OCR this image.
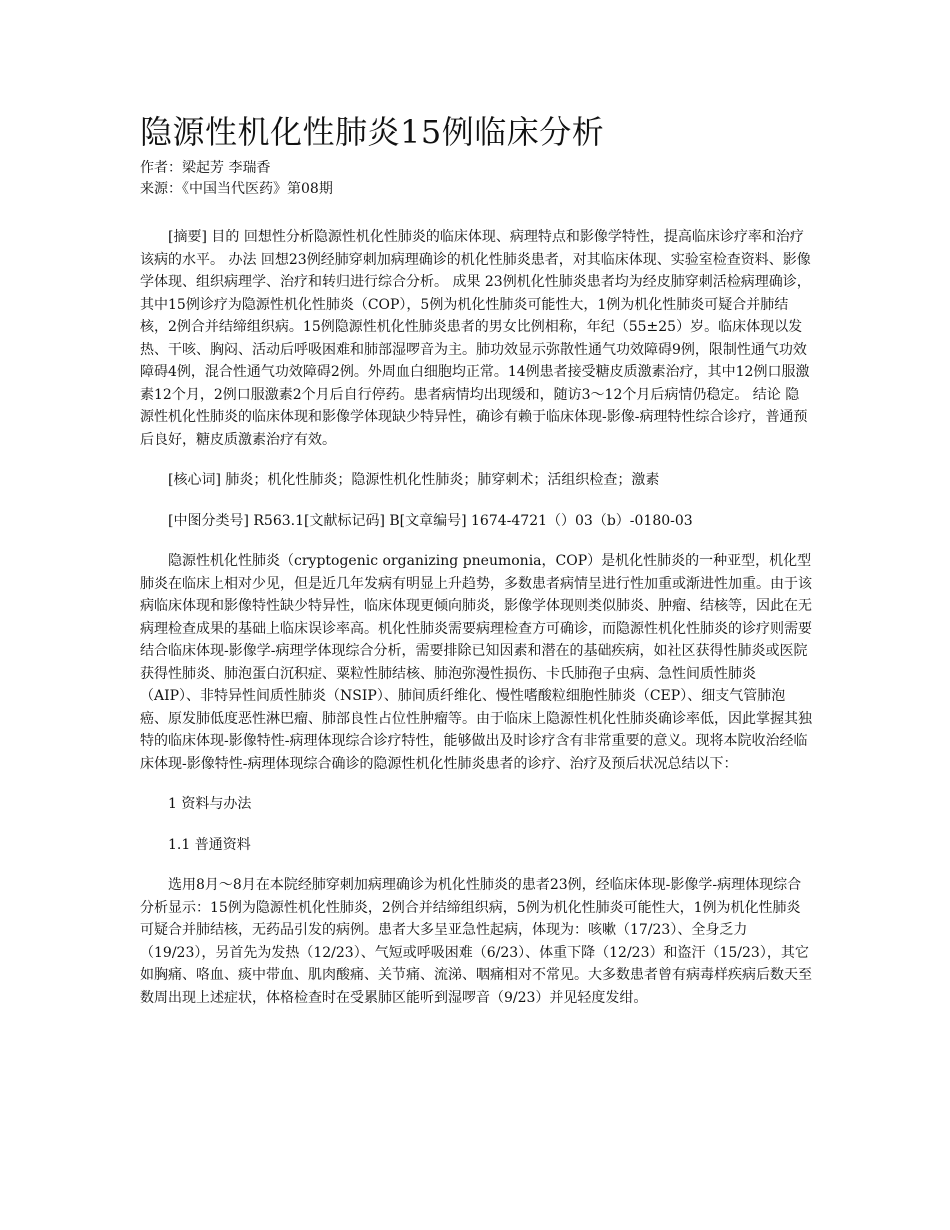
隐源性机化性肺炎15例临床分析

作者：梁起芳 李瑞香

来源：《中国当代医药》第08期

[摘要] 目的 回想性分析隐源性机化性肺炎的临床体现、病理特点和影像学特性，提高临床诊疗率和治疗该病的水平。 办法 回想23例经肺穿刺加病理确诊的机化性肺炎患者，对其临床体现、实验室检查资料、影像学体现、组织病理学、治疗和转归进行综合分析。 成果 23例机化性肺炎患者均为经皮肺穿刺活检病理确诊，其中15例诊疗为隐源性机化性肺炎（COP），5例为机化性肺炎可能性大，1例为机化性肺炎可疑合并肺结核，2例合并结缔组织病。15例隐源性机化性肺炎患者的男女比例相称，年纪（55±25）岁。临床体现以发热、干咳、胸闷、活动后呼吸困难和肺部湿啰音为主。肺功效显示弥散性通气功效障碍9例，限制性通气功效障碍4例，混合性通气功效障碍2例。外周血白细胞均正常。14例患者接受糖皮质激素治疗，其中12例口服激素12个月，2例口服激素2个月后自行停药。患者病情均出现缓和，随访3～12个月后病情仍稳定。 结论 隐源性机化性肺炎的临床体现和影像学体现缺少特异性，确诊有赖于临床体现-影像-病理特性综合诊疗，普通预后良好，糖皮质激素治疗有效。

[核心词] 肺炎；机化性肺炎；隐源性机化性肺炎；肺穿刺术；活组织检查；激素

[中图分类号] R563.1[文献标记码] B[文章编号] 1674-4721（）03（b）-0180-03

隐源性机化性肺炎（cryptogenic organizing pneumonia，COP）是机化性肺炎的一种亚型，机化型肺炎在临床上相对少见，但是近几年发病有明显上升趋势，多数患者病情呈进行性加重或渐进性加重。由于该病临床体现和影像特性缺少特异性，临床体现更倾向肺炎，影像学体现则类似肺炎、肿瘤、结核等，因此在无病理检查成果的基础上临床误诊率高。机化性肺炎需要病理检查方可确诊，而隐源性机化性肺炎的诊疗则需要结合临床体现-影像学-病理学体现综合分析，需要排除已知因素和潜在的基础疾病，如社区获得性肺炎或医院获得性肺炎、肺泡蛋白沉积症、粟粒性肺结核、肺泡弥漫性损伤、卡氏肺孢子虫病、急性间质性肺炎（AIP）、非特异性间质性肺炎（NSIP）、肺间质纤维化、慢性嗜酸粒细胞性肺炎（CEP）、细支气管肺泡癌、原发肺低度恶性淋巴瘤、肺部良性占位性肿瘤等。由于临床上隐源性机化性肺炎确诊率低，因此掌握其独特的临床体现-影像特性-病理体现综合诊疗特性，能够做出及时诊疗含有非常重要的意义。现将本院收治经临床体现-影像特性-病理体现综合确诊的隐源性机化性肺炎患者的诊疗、治疗及预后状况总结以下：

1 资料与办法

1.1 普通资料

选用8月～8月在本院经肺穿刺加病理确诊为机化性肺炎的患者23例，经临床体现-影像学-病理体现综合分析显示：15例为隐源性机化性肺炎，2例合并结缔组织病，5例为机化性肺炎可能性大，1例为机化性肺炎可疑合并肺结核，无药品引发的病例。患者大多呈亚急性起病，体现为：咳嗽（17/23）、全身乏力（19/23），另首先为发热（12/23）、气短或呼吸困难（6/23）、体重下降（12/23）和盗汗（15/23），其它如胸痛、咯血、痰中带血、肌肉酸痛、关节痛、流涕、咽痛相对不常见。大多数患者曾有病毒样疾病后数天至数周出现上述症状，体格检查时在受累肺区能听到湿啰音（9/23）并见轻度发绀。
